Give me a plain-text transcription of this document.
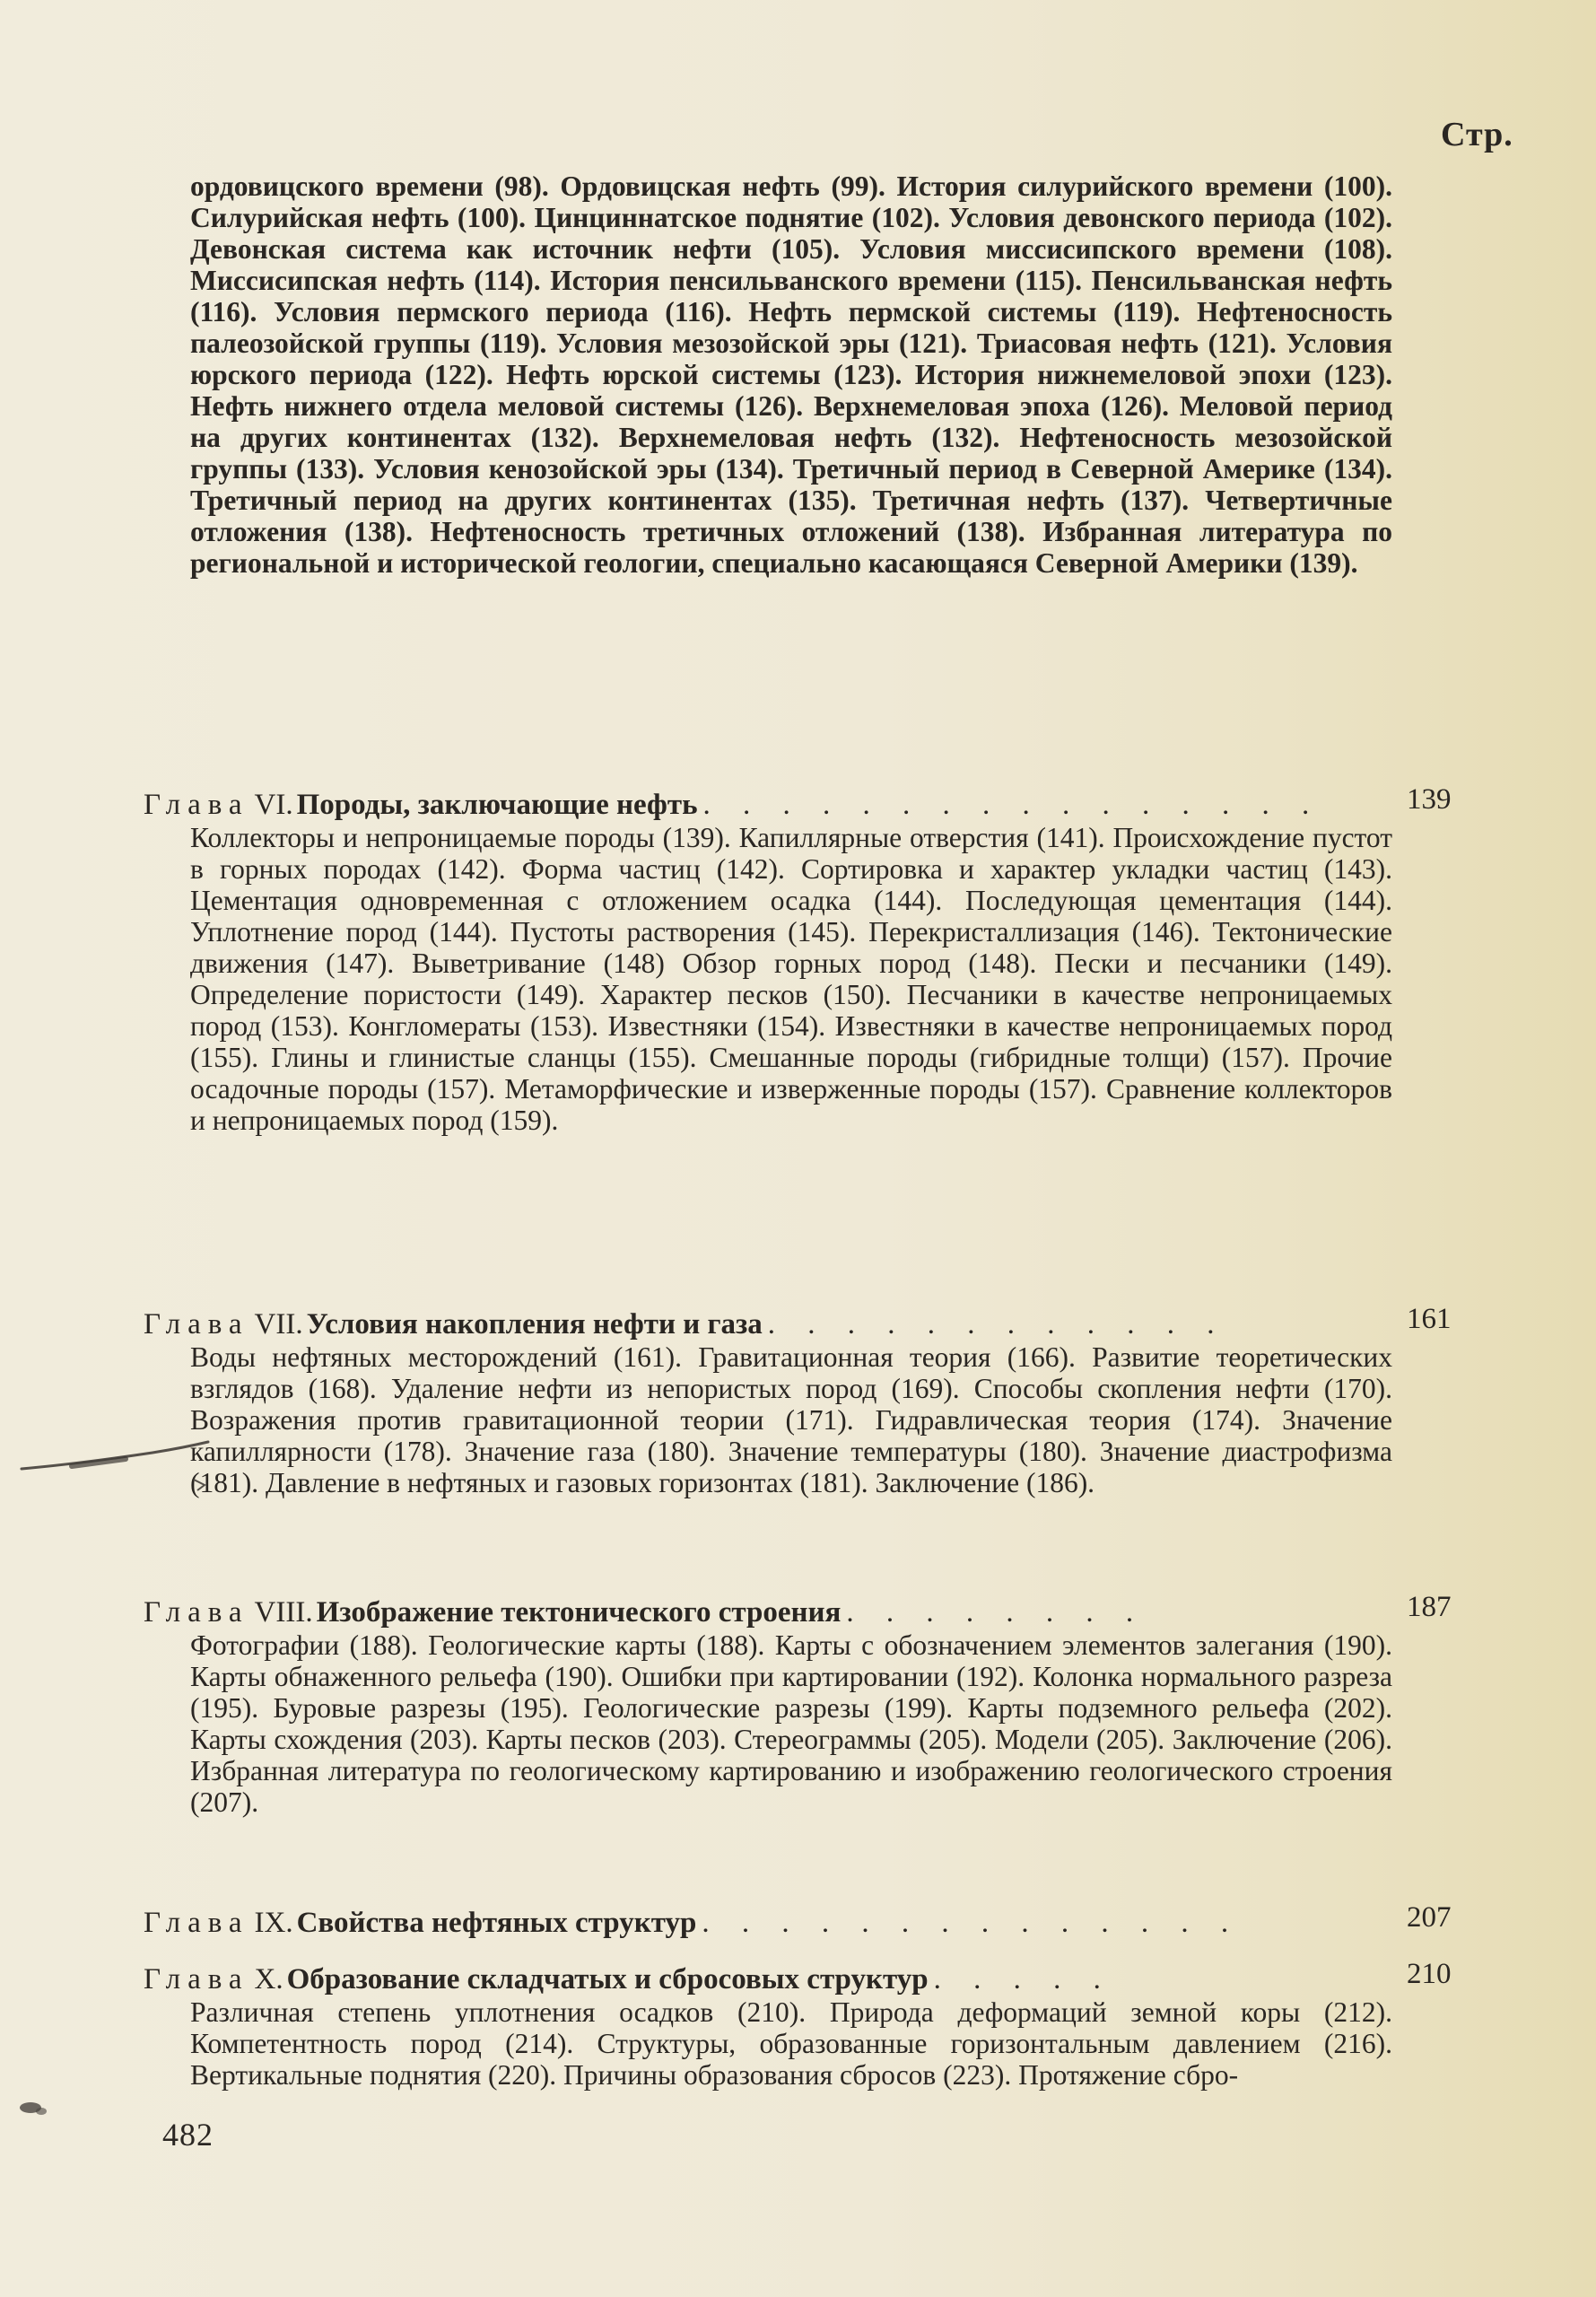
Стр.

ордовицского времени (98). Ордовицская нефть (99). История силурийского времени (100). Силурийская нефть (100). Цинциннатское поднятие (102). Условия девонского периода (102). Девонская система как источник нефти (105). Условия миссисипского времени (108). Миссисипская нефть (114). История пенсильванского времени (115). Пенсильванская нефть (116). Условия пермского периода (116). Нефть пермской системы (119). Нефтеносность палеозойской группы (119). Условия мезозойской эры (121). Триасовая нефть (121). Условия юрского периода (122). Нефть юрской системы (123). История нижнемеловой эпохи (123). Нефть нижнего отдела меловой системы (126). Верхнемеловая эпоха (126). Меловой период на других континентах (132). Верхнемеловая нефть (132). Нефтеносность мезозойской группы (133). Условия кенозойской эры (134). Третичный период в Северной Америке (134). Третичный период на других континентах (135). Третичная нефть (137). Четвертичные отложения (138). Нефтеносность третичных отложений (138). Избранная литература по региональной и исторической геологии, специально касающаяся Северной Америки (139).

Глава VI. Породы, заключающие нефть . . . . . . . . . . . . . . . .	139

Коллекторы и непроницаемые породы (139). Капиллярные отверстия (141). Происхождение пустот в горных породах (142). Форма частиц (142). Сортировка и характер укладки частиц (143). Цементация одновременная с отложением осадка (144). Последующая цементация (144). Уплотнение пород (144). Пустоты растворения (145). Перекристаллизация (146). Тектонические движения (147). Выветривание (148) Обзор горных пород (148). Пески и песчаники (149). Определение пористости (149). Характер песков (150). Песчаники в качестве непроницаемых пород (153). Конгломераты (153). Известняки (154). Известняки в качестве непроницаемых пород (155). Глины и глинистые сланцы (155). Смешанные породы (гибридные толщи) (157). Прочие осадочные породы (157). Метаморфические и изверженные породы (157). Сравнение коллекторов и непроницаемых пород (159).

Глава VII. Условия накопления нефти и газа . . . . . . . . . . . .	161

Воды нефтяных месторождений (161). Гравитационная теория (166). Развитие теоретических взглядов (168). Удаление нефти из непористых пород (169). Способы скопления нефти (170). Возражения против гравитационной теории (171). Гидравлическая теория (174). Значение капиллярности (178). Значение газа (180). Значение температуры (180). Значение диастрофизма (181). Давление в нефтяных и газовых горизонтах (181). Заключение (186).

Глава VIII. Изображение тектонического строения . . . . . . . .	187

Фотографии (188). Геологические карты (188). Карты с обозначением элементов залегания (190). Карты обнаженного рельефа (190). Ошибки при картировании (192). Колонка нормального разреза (195). Буровые разрезы (195). Геологические разрезы (199). Карты подземного рельефа (202). Карты схождения (203). Карты песков (203). Стереограммы (205). Модели (205). Заключение (206). Избранная литература по геологическому картированию и изображению геологического строения (207).

Глава IX. Свойства нефтяных структур . . . . . . . . . . . . . .	207
Глава X. Образование складчатых и сбросовых структур . . . . .	210

Различная степень уплотнения осадков (210). Природа деформаций земной коры (212). Компетентность пород (214). Структуры, образованные горизонтальным давлением (216). Вертикальные поднятия (220). Причины образования сбросов (223). Протяжение сбро-

482
